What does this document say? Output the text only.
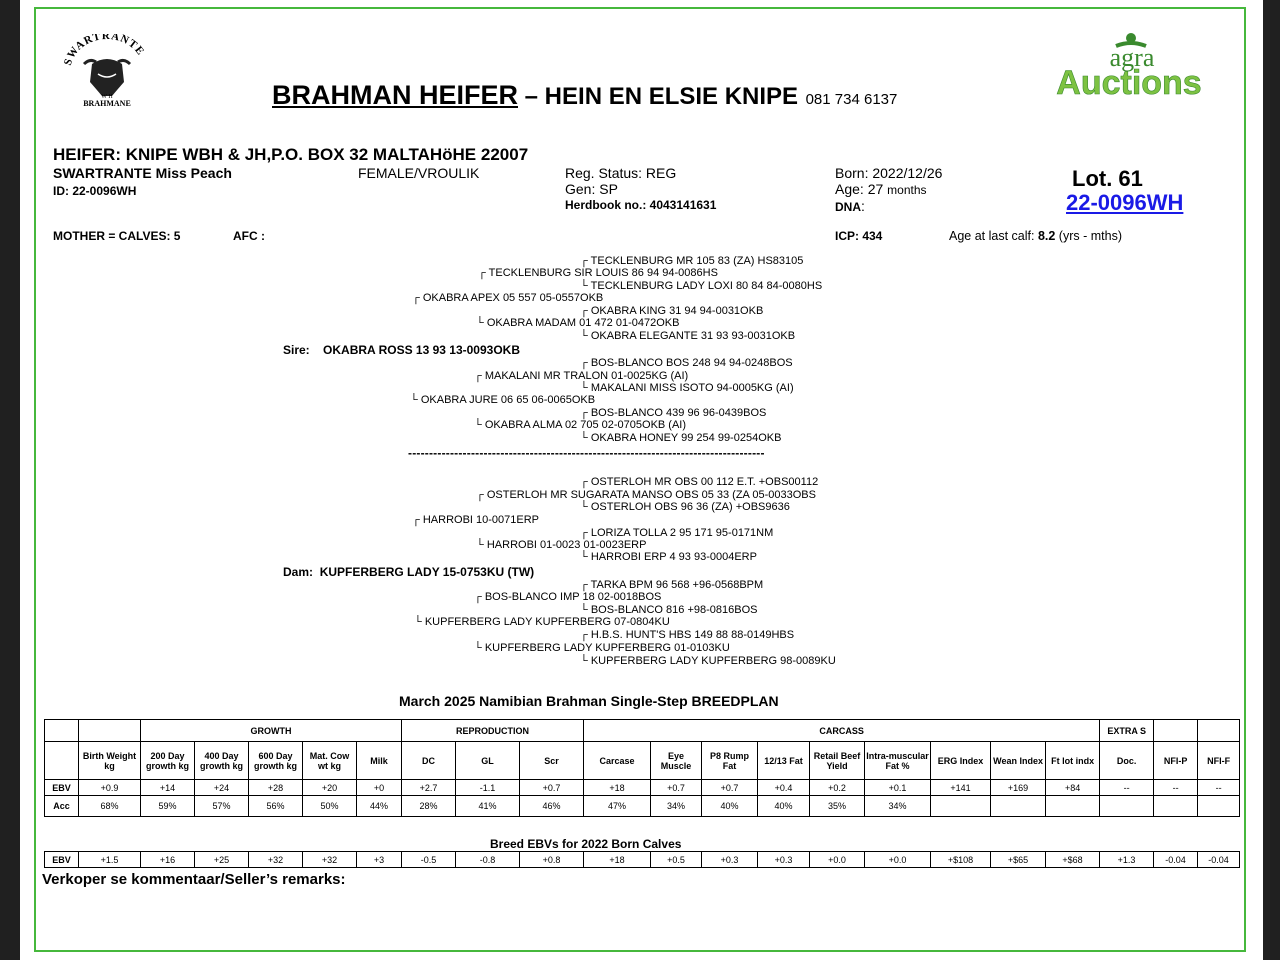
SWARTRANTE
W H
BRAHMANE	BRAHMAN HEIFER – HEIN EN ELSIE KNIPE 081 734 6137
agra
Auctions
HEIFER: KNIPE WBH & JH,P.O. BOX 32 MALTAHöHE 22007
SWARTRANTE Miss Peach
ID: 22-0096WH
FEMALE/VROULIK	Reg. Status: REG
Gen: SP
Herdbook no.: 4043141631
Born: 2022/12/26
Age: 27 months
DNA:
Lot. 61
22-0096WH
MOTHER = CALVES: 5	AFC :	ICP: 434	Age at last calf: 8.2 (yrs - mths)
┌ TECKLENBURG MR 105 83 (ZA) HS83105
┌ TECKLENBURG SIR LOUIS 86 94 94-0086HS
└ TECKLENBURG LADY LOXI 80 84 84-0080HS
┌ OKABRA APEX 05 557 05-0557OKB
┌ OKABRA KING 31 94 94-0031OKB
└ OKABRA MADAM 01 472 01-0472OKB
└ OKABRA ELEGANTE 31 93 93-0031OKB
Sire: OKABRA ROSS 13 93 13-0093OKB
┌ BOS-BLANCO BOS 248 94 94-0248BOS
┌ MAKALANI MR TRALON 01-0025KG (AI)
└ MAKALANI MISS ISOTO 94-0005KG (AI)
└ OKABRA JURE 06 65 06-0065OKB
┌ BOS-BLANCO 439 96 96-0439BOS
└ OKABRA ALMA 02 705 02-0705OKB (AI)
└ OKABRA HONEY 99 254 99-0254OKB
-------------------------------------------------------------------------------------
┌ OSTERLOH MR OBS 00 112 E.T. +OBS00112
┌ OSTERLOH MR SUGARATA MANSO OBS 05 33 (ZA 05-0033OBS
└ OSTERLOH OBS 96 36 (ZA) +OBS9636
┌ HARROBI 10-0071ERP
┌ LORIZA TOLLA 2 95 171 95-0171NM
└ HARROBI 01-0023 01-0023ERP
└ HARROBI ERP 4 93 93-0004ERP
Dam: KUPFERBERG LADY 15-0753KU (TW)
┌ TARKA BPM 96 568 +96-0568BPM
┌ BOS-BLANCO IMP 18 02-0018BOS
└ BOS-BLANCO 816 +98-0816BOS
└ KUPFERBERG LADY KUPFERBERG 07-0804KU
┌ H.B.S. HUNT'S HBS 149 88 88-0149HBS
└ KUPFERBERG LADY KUPFERBERG 01-0103KU
└ KUPFERBERG LADY KUPFERBERG 98-0089KU
March 2025 Namibian Brahman Single-Step BREEDPLAN
		GROWTH					REPRODUCTION			CARCASS									EXTRA S		
	Birth Weight kg	200 Day growth kg	400 Day growth kg	600 Day growth kg	Mat. Cow wt kg	Milk	DC	GL	Scr	Carcase	Eye Muscle	P8 Rump Fat	12/13 Fat	Retail Beef Yield	Intra-muscular Fat %	ERG Index	Wean Index	Ft lot indx	Doc.	NFI-P	NFI-F
EBV	+0.9	+14	+24	+28	+20	+0	+2.7	-1.1	+0.7	+18	+0.7	+0.7	+0.4	+0.2	+0.1	+141	+169	+84	--	--	--
Acc	68%	59%	57%	56%	50%	44%	28%	41%	46%	47%	34%	40%	40%	35%	34%						
Breed EBVs for 2022 Born Calves
EBV	+1.5	+16	+25	+32	+32	+3	-0.5	-0.8	+0.8	+18	+0.5	+0.3	+0.3	+0.0	+0.0	+$108	+$65	+$68	+1.3	-0.04	-0.04
Verkoper se kommentaar/Seller’s remarks:
